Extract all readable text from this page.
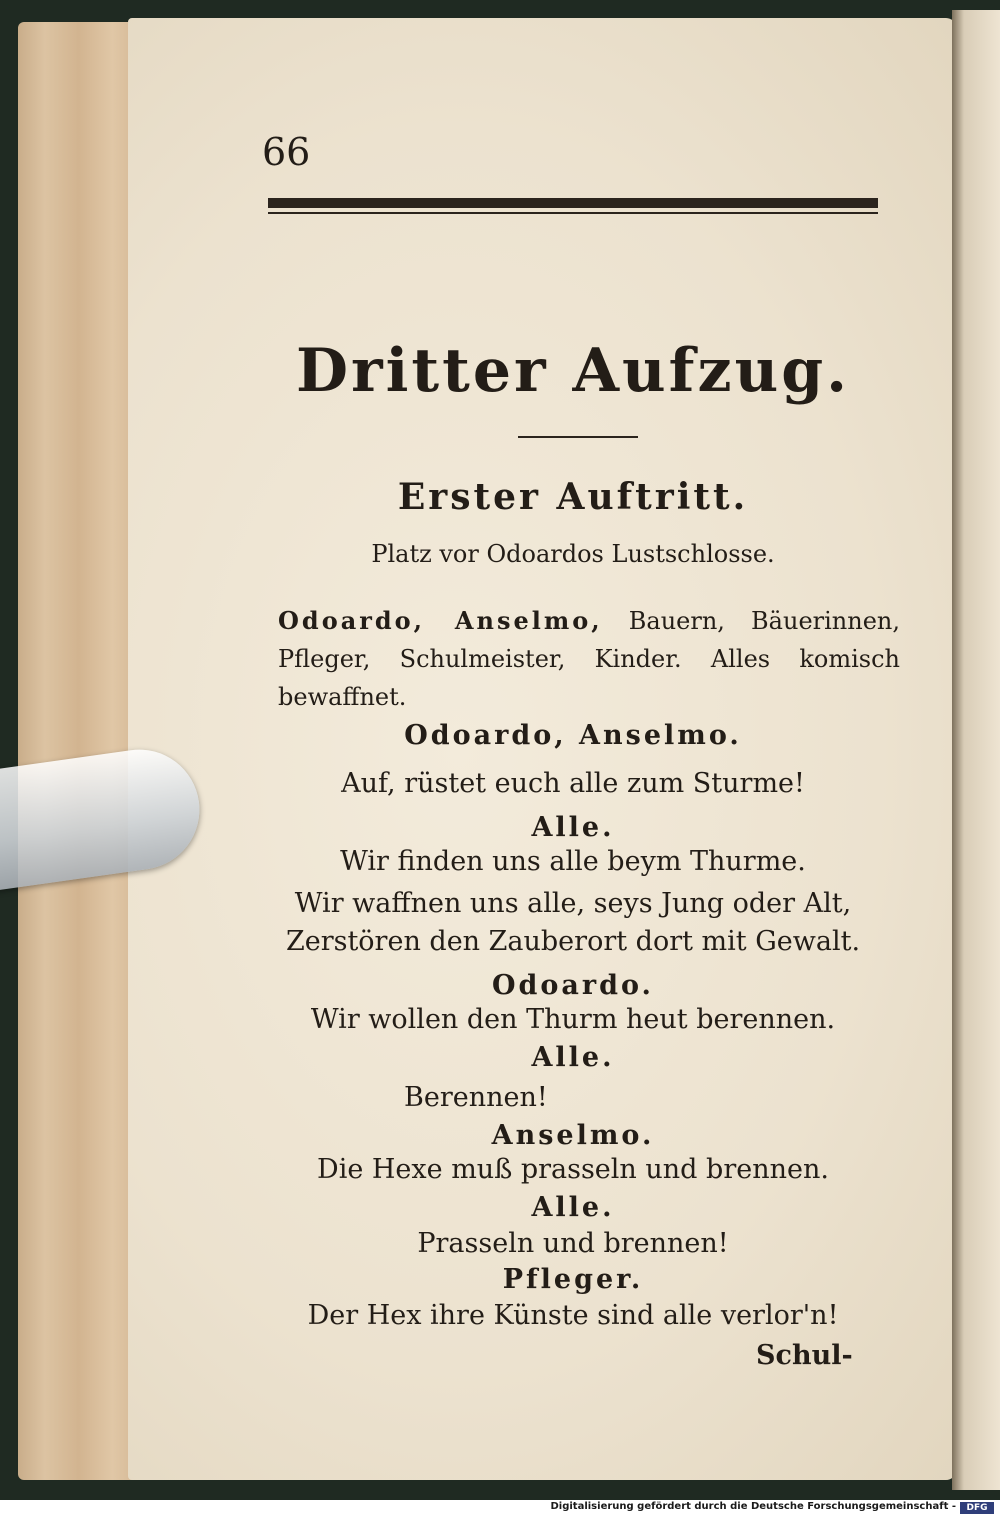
66
Dritter Aufzug.
Erster Auftritt.
Platz vor Odoardos Lustschlosse.
Odoardo, Anselmo, Bauern, Bäuerinnen, Pfleger, Schulmeister, Kinder. Alles komisch bewaffnet.
Odoardo, Anselmo.
Auf, rüstet euch alle zum Sturme!
Alle.
Wir finden uns alle beym Thurme.
Wir waffnen uns alle, seys Jung oder Alt,
Zerstören den Zauberort dort mit Gewalt.
Odoardo.
Wir wollen den Thurm heut berennen.
Alle.
Berennen!
Anselmo.
Die Hexe muß prasseln und brennen.
Alle.
Prasseln und brennen!
Pfleger.
Der Hex ihre Künste sind alle verlor'n!
Schul-
Digitalisierung gefördert durch die Deutsche Forschungsgemeinschaft -	DFG
